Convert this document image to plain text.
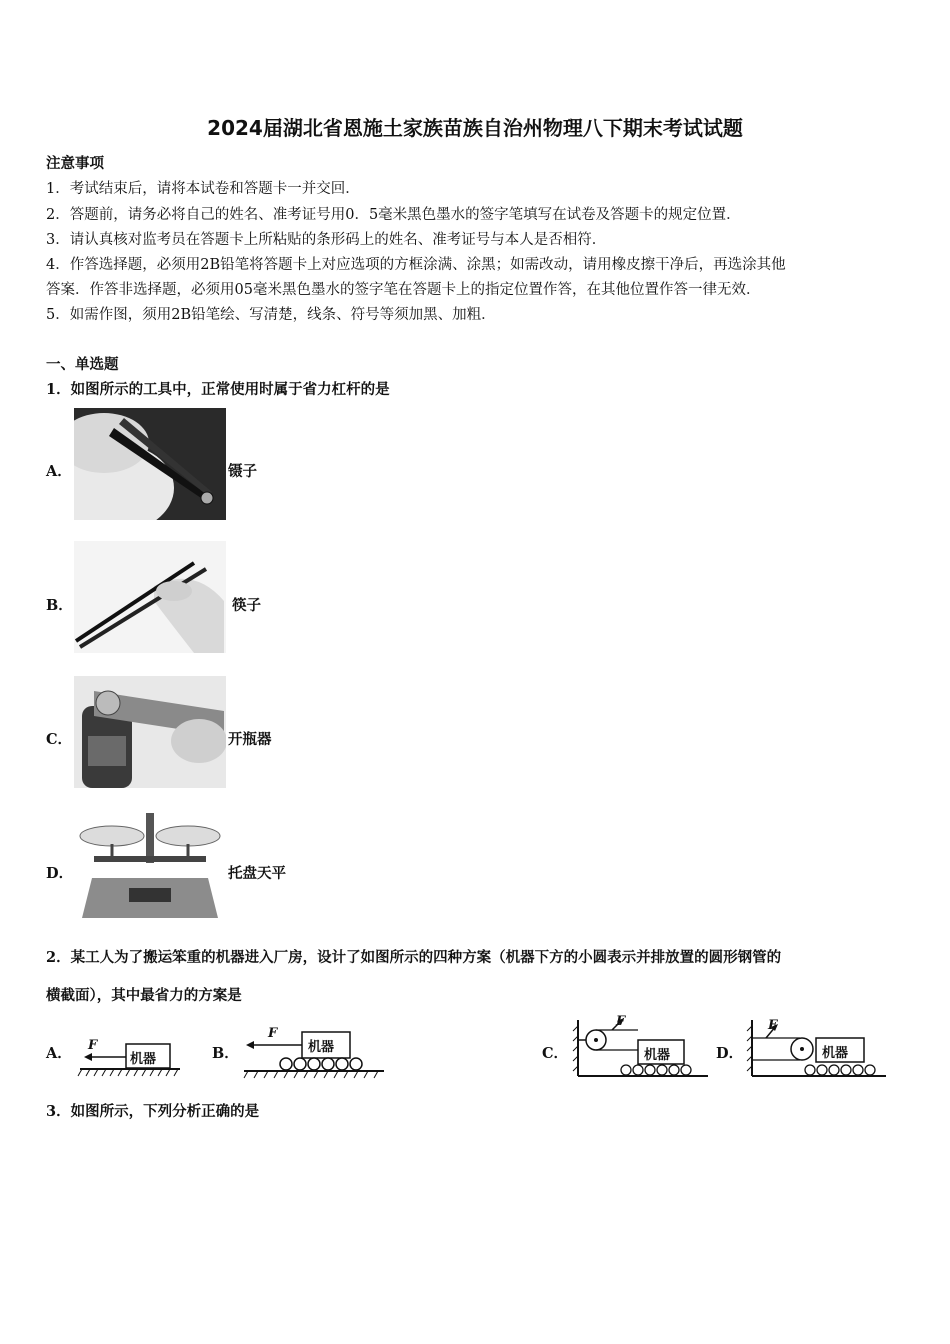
2024届湖北省恩施土家族苗族自治州物理八下期末考试试题
注意事项
1．考试结束后，请将本试卷和答题卡一并交回．
2．答题前，请务必将自己的姓名、准考证号用0．5毫米黑色墨水的签字笔填写在试卷及答题卡的规定位置．
3．请认真核对监考员在答题卡上所粘贴的条形码上的姓名、准考证号与本人是否相符．
4．作答选择题，必须用2B铅笔将答题卡上对应选项的方框涂满、涂黑；如需改动，请用橡皮擦干净后，再选涂其他
答案．作答非选择题，必须用05毫米黑色墨水的签字笔在答题卡上的指定位置作答，在其他位置作答一律无效．
5．如需作图，须用2B铅笔绘、写清楚，线条、符号等须加黑、加粗．
一、单选题
1．如图所示的工具中，正常使用时属于省力杠杆的是
A．	镊子
B．	筷子
C．	开瓶器
D．	托盘天平
2．某工人为了搬运笨重的机器进入厂房，设计了如图所示的四种方案（机器下方的小圆表示并排放置的圆形钢管的
横截面），其中最省力的方案是
A． F
机器	B．
F
机器	C．
F
机器	D．
F
机器
3．如图所示，下列分析正确的是
